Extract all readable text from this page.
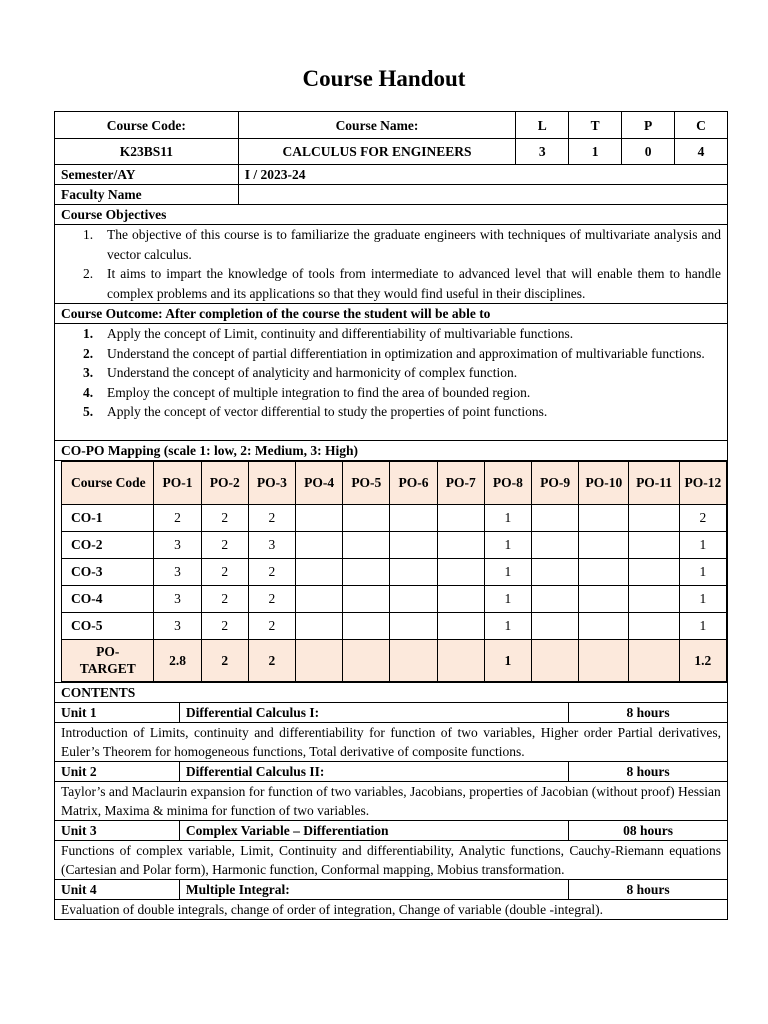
Course Handout
Course Code:	Course Name:	L	T	P	C
K23BS11	CALCULUS FOR ENGINEERS	3	1	0	4
Semester/AY	I / 2023-24
Faculty Name	
Course Objectives

1. The objective of this course is to familiarize the graduate engineers with techniques of multivariate analysis and vector calculus.
2. It aims to impart the knowledge of tools from intermediate to advanced level that will enable them to handle complex problems and its applications so that they would find useful in their disciplines.

Course Outcome: After completion of the course the student will be able to

1. Apply the concept of Limit, continuity and differentiability of multivariable functions.
2. Understand the concept of partial differentiation in optimization and approximation of multivariable functions.
3. Understand the concept of analyticity and harmonicity of complex function.
4. Employ the concept of multiple integration to find the area of bounded region.
5. Apply the concept of vector differential to study the properties of point functions.

CO-PO Mapping (scale 1: low, 2: Medium, 3: High)

Course Code	PO-1	PO-2	PO-3	PO-4	PO-5	PO-6	PO-7	PO-8	PO-9	PO-10	PO-11	PO-12
CO-1	2	2	2					1				2
CO-2	3	2	3					1				1
CO-3	3	2	2					1				1
CO-4	3	2	2					1				1
CO-5	3	2	2					1				1
PO-TARGET	2.8	2	2					1				1.2

CONTENTS
Unit 1	Differential Calculus I:	8 hours
Introduction of Limits, continuity and differentiability for function of two variables, Higher order Partial derivatives, Euler’s Theorem for homogeneous functions, Total derivative of composite functions.
Unit 2	Differential Calculus II:	8 hours
Taylor’s and Maclaurin expansion for function of two variables, Jacobians, properties of Jacobian (without proof) Hessian Matrix, Maxima & minima for function of two variables.
Unit 3	Complex Variable – Differentiation	08 hours
Functions of complex variable, Limit, Continuity and differentiability, Analytic functions, Cauchy-Riemann equations (Cartesian and Polar form), Harmonic function, Conformal mapping, Mobius transformation.
Unit 4	Multiple Integral:	8 hours
Evaluation of double integrals, change of order of integration, Change of variable (double -integral).
